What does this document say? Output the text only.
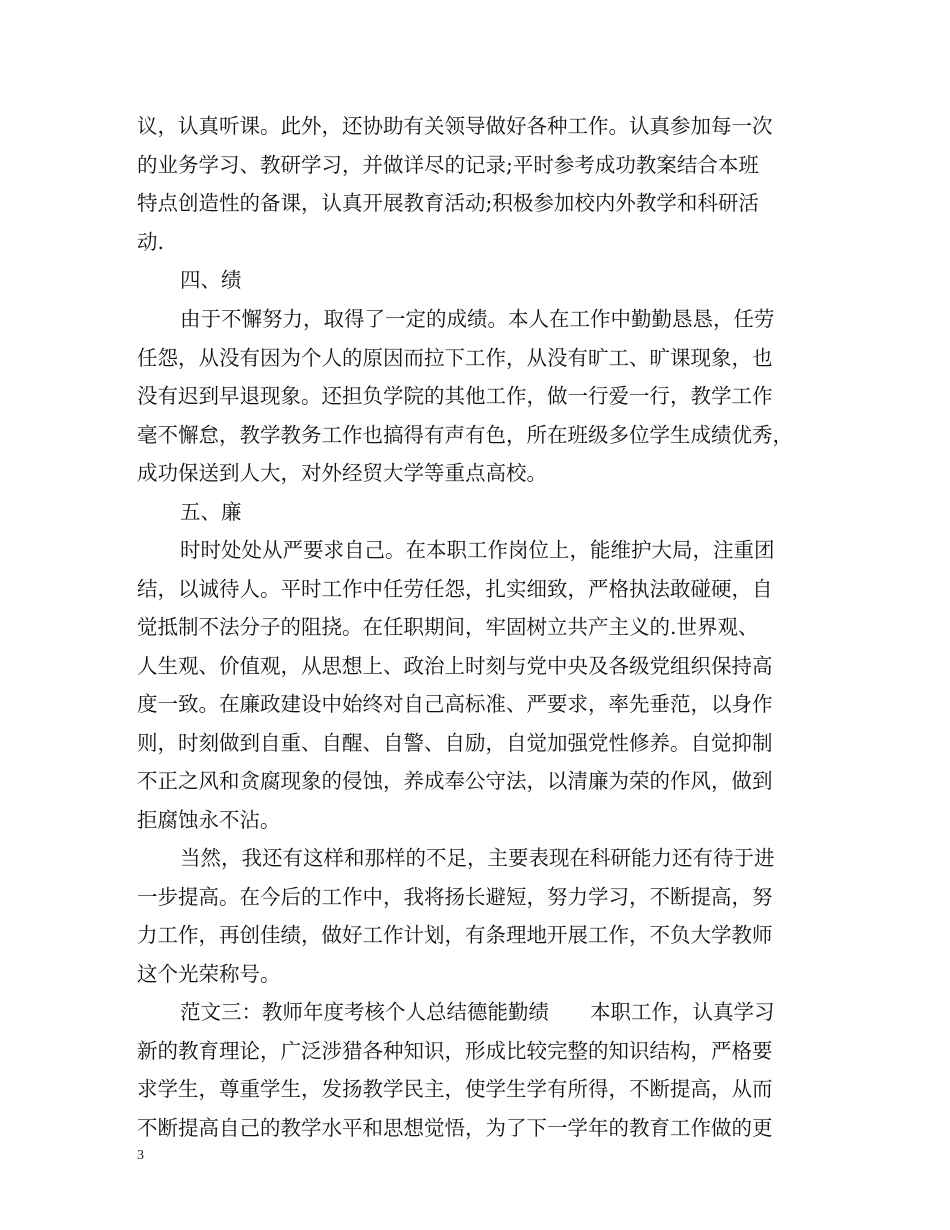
议，认真听课。此外，还协助有关领导做好各种工作。认真参加每一次
的业务学习、教研学习，并做详尽的记录;平时参考成功教案结合本班
特点创造性的备课，认真开展教育活动;积极参加校内外教学和科研活
动.
四、绩
由于不懈努力，取得了一定的成绩。本人在工作中勤勤恳恳，任劳
任怨，从没有因为个人的原因而拉下工作，从没有旷工、旷课现象，也
没有迟到早退现象。还担负学院的其他工作，做一行爱一行，教学工作
毫不懈怠，教学教务工作也搞得有声有色，所在班级多位学生成绩优秀，
成功保送到人大，对外经贸大学等重点高校。
五、廉
时时处处从严要求自己。在本职工作岗位上，能维护大局，注重团
结，以诚待人。平时工作中任劳任怨，扎实细致，严格执法敢碰硬，自
觉抵制不法分子的阻挠。在任职期间，牢固树立共产主义的.世界观、
人生观、价值观，从思想上、政治上时刻与党中央及各级党组织保持高
度一致。在廉政建设中始终对自己高标准、严要求，率先垂范，以身作
则，时刻做到自重、自醒、自警、自励，自觉加强党性修养。自觉抑制
不正之风和贪腐现象的侵蚀，养成奉公守法，以清廉为荣的作风，做到
拒腐蚀永不沾。
当然，我还有这样和那样的不足，主要表现在科研能力还有待于进
一步提高。在今后的工作中，我将扬长避短，努力学习，不断提高，努
力工作，再创佳绩，做好工作计划，有条理地开展工作，不负大学教师
这个光荣称号。
范文三：教师年度考核个人总结德能勤绩　　本职工作，认真学习
新的教育理论，广泛涉猎各种知识，形成比较完整的知识结构，严格要
求学生，尊重学生，发扬教学民主，使学生学有所得，不断提高，从而
不断提高自己的教学水平和思想觉悟，为了下一学年的教育工作做的更
3
